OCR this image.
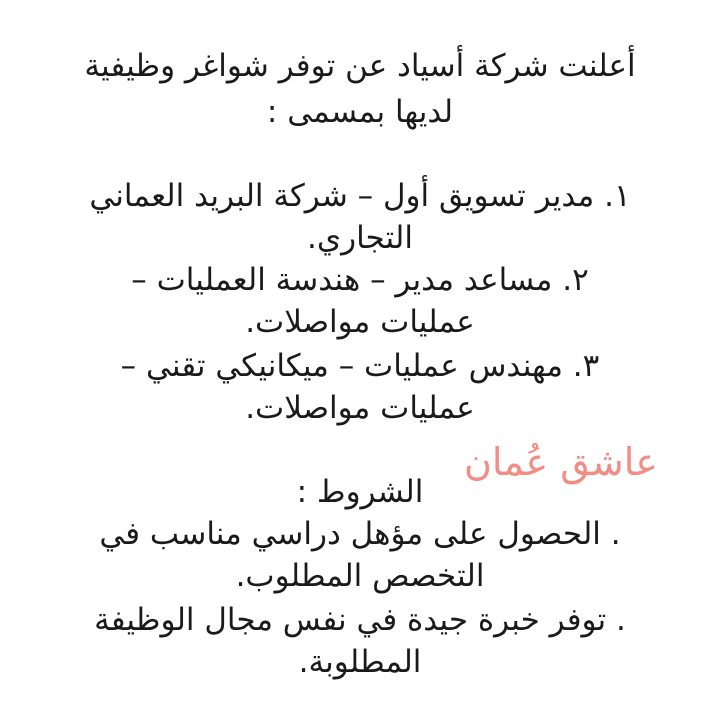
أعلنت شركة أسياد عن توفر شواغر وظيفية
لديها بمسمى :
١. مدير تسويق أول – شركة البريد العماني
التجاري.
٢. مساعد مدير – هندسة العمليات –
عمليات مواصلات.
٣. مهندس عمليات – ميكانيكي تقني –
عمليات مواصلات.
عاشق عُمان
الشروط :
. الحصول على مؤهل دراسي مناسب في
التخصص المطلوب.
. توفر خبرة جيدة في نفس مجال الوظيفة
المطلوبة.
